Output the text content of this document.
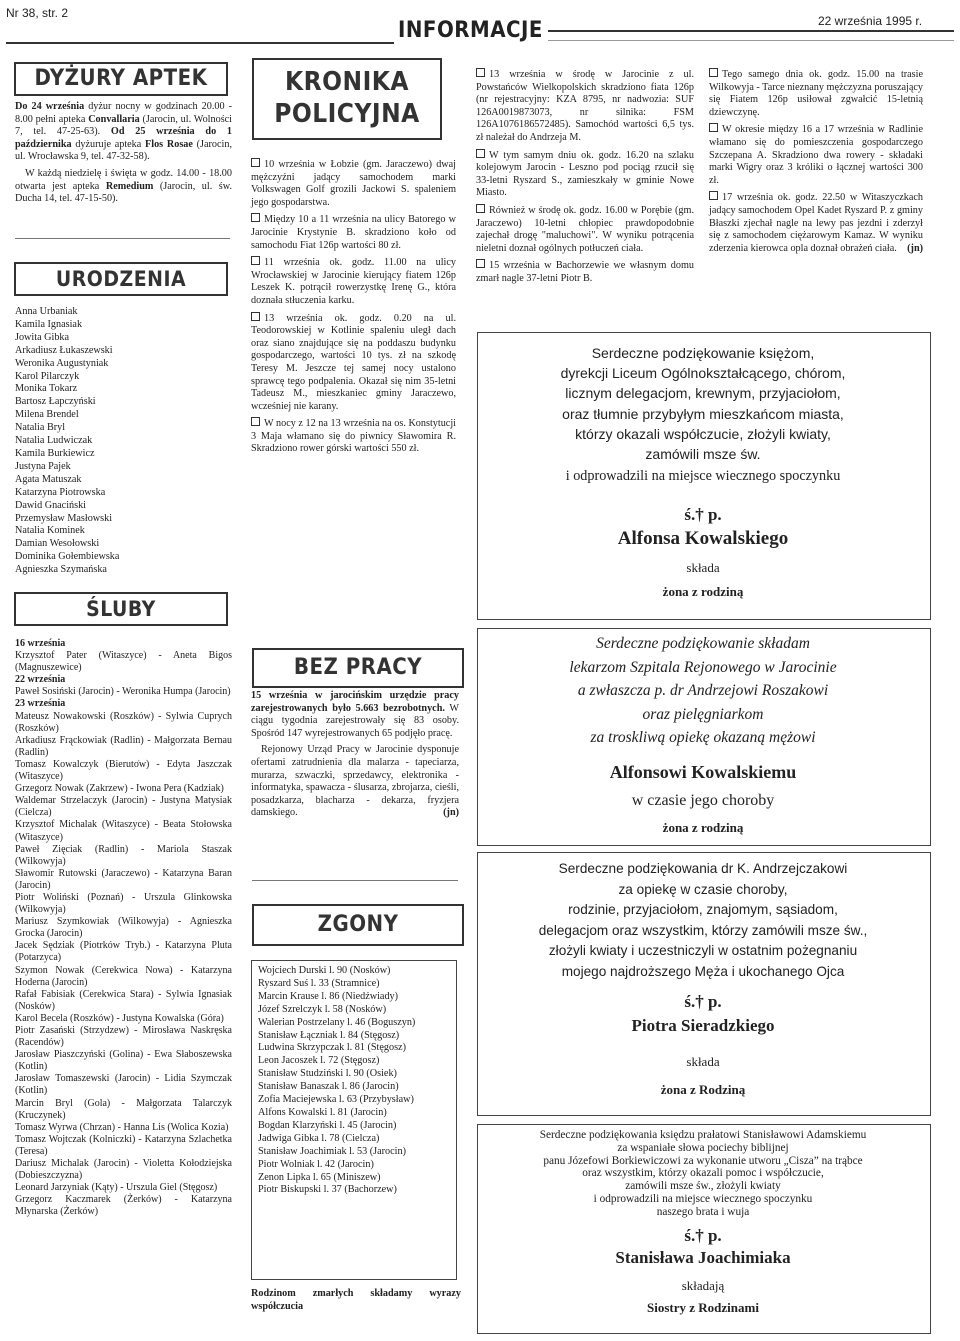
Nr 38, str. 2
INFORMACJE	22 września 1995 r.
DYŻURY APTEK

Do 24 września dyżur nocny w godzinach 20.00 - 8.00 pełni apteka Convallaria (Jarocin, ul. Wolności 7, tel. 47-25-63). Od 25 września do 1 października dyżuruje apteka Flos Rosae (Jarocin, ul. Wrocławska 9, tel. 47-32-58).

W każdą niedzielę i święta w godz. 14.00 - 18.00 otwarta jest apteka Remedium (Jarocin, ul. św. Ducha 14, tel. 47-15-50).

URODZENIA
Anna Urbaniak
Kamila Ignasiak
Jowita Gibka
Arkadiusz Łukaszewski
Weronika Augustyniak
Karol Pilarczyk
Monika Tokarz
Bartosz Łapczyński
Milena Brendel
Natalia Bryl
Natalia Ludwiczak
Kamila Burkiewicz
Justyna Pajek
Agata Matuszak
Katarzyna Piotrowska
Dawid Gnaciński
Przemysław Masłowski
Natalia Kominek
Damian Wesołowski
Dominika Gołembiewska
Agnieszka Szymańska
ŚLUBY
16 września
Krzysztof Pater (Witaszyce) - Aneta Bigos (Magnuszewice)
22 września
Paweł Sosiński (Jarocin) - Weronika Humpa (Jarocin)
23 września
Mateusz Nowakowski (Roszków) - Sylwia Cuprych (Roszków)
Arkadiusz Frąckowiak (Radlin) - Małgorzata Bernau (Radlin)
Tomasz Kowalczyk (Bieruto̍w) - Edyta Jaszczak (Witaszyce)
Grzegorz Nowak (Zakrzew) - Iwona Pera (Kadziak)
Waldemar Strzelaczyk (Jarocin) - Justyna Matysiak (Cielcza)
Krzysztof Michalak (Witaszyce) - Beata Stołowska (Witaszyce)
Paweł Zięciak (Radlin) - Mariola Staszak (Wilkowyja)
Sławomir Rutowski (Jaraczewo) - Katarzyna Baran (Jarocin)
Piotr Woliński (Poznań) - Urszula Glinkowska (Wilkowyja)
Mariusz Szymkowiak (Wilkowyja) - Agnieszka Grocka (Jarocin)
Jacek Sędziak (Piotrków Tryb.) - Katarzyna Pluta (Potarzyca)
Szymon Nowak (Cerekwica Nowa) - Katarzyna Hoderna (Jarocin)
Rafał Fabisiak (Cerekwica Stara) - Sylwia Ignasiak (Nosków)
Karol Becela (Roszków) - Justyna Kowalska (Góra)
Piotr Zasański (Strzydzew) - Mirosława Naskręska (Racendów)
Jarosław Piaszczyński (Golina) - Ewa Słaboszewska (Kotlin)
Jarosław Tomaszewski (Jarocin) - Lidia Szymczak (Kotlin)
Marcin Bryl (Gola) - Małgorzata Talarczyk (Kruczynek)
Tomasz Wyrwa (Chrzan) - Hanna Lis (Wolica Kozia)
Tomasz Wojtczak (Kolniczki) - Katarzyna Szlachetka (Teresa)
Dariusz Michalak (Jarocin) - Violetta Kołodziejska (Dobieszczyzna)
Leonard Jarzyniak (Kąty) - Urszula Giel (Stęgosz)
Grzegorz Kaczmarek (Żerków) - Katarzyna Młynarska (Żerków)
KRONIKA
POLICYJNA

10 września w Łobzie (gm. Jaraczewo) dwaj mężczyźni jadący samochodem marki Volkswagen Golf grozili Jackowi S. spaleniem jego gospodarstwa.

Między 10 a 11 września na ulicy Batorego w Jarocinie Krystynie B. skradziono koło od samochodu Fiat 126p wartości 80 zł.

11 września ok. godz. 11.00 na ulicy Wrocławskiej w Jarocinie kierujący fiatem 126p Leszek K. potrącił rowerzystkę Irenę G., która doznała stłuczenia karku.

13 września ok. godz. 0.20 na ul. Teodorowskiej w Kotlinie spaleniu uległ dach oraz siano znajdujące się na poddaszu budynku gospodarczego, wartości 10 tys. zł na szkodę Teresy M. Jeszcze tej samej nocy ustalono sprawcę tego podpalenia. Okazał się nim 35-letni Tadeusz M., mieszkaniec gminy Jaraczewo, wcześniej nie karany.

W nocy z 12 na 13 września na os. Konstytucji 3 Maja włamano się do piwnicy Sławomira R. Skradziono rower górski wartości 550 zł.

13 września w środę w Jarocinie z ul. Powstańców Wielkopolskich skradziono fiata 126p (nr rejestracyjny: KZA 8795, nr nadwozia: SUF 126A0019873073, nr silnika: FSM 126A1076186572485). Samochód wartości 6,5 tys. zł należał do Andrzeja M.

W tym samym dniu ok. godz. 16.20 na szlaku kolejowym Jarocin - Leszno pod pociąg rzucił się 33-letni Ryszard S., zamieszkały w gminie Nowe Miasto.

Również w środę ok. godz. 16.00 w Porębie (gm. Jaraczewo) 10-letni chłopiec prawdopodobnie zajechał drogę "maluchowi". W wyniku potrącenia nieletni doznał ogólnych potłuczeń ciała.

15 września w Bachorzewie we własnym domu zmarł nagle 37-letni Piotr B.

Tego samego dnia ok. godz. 15.00 na trasie Wilkowyja - Tarce nieznany mężczyzna poruszający się Fiatem 126p usiłował zgwałcić 15-letnią dziewczynę.

W okresie między 16 a 17 września w Radlinie włamano się do pomieszczenia gospodarczego Szczepana A. Skradziono dwa rowery - składaki marki Wigry oraz 3 króliki o łącznej wartości 300 zł.

17 września ok. godz. 22.50 w Witaszyczkach jadący samochodem Opel Kadet Ryszard P. z gminy Błaszki zjechał nagle na lewy pas jezdni i zderzył się z samochodem ciężarowym Kamaz. W wyniku zderzenia kierowca opla doznał obrażeń ciała. (jn)

BEZ PRACY

15 września w jarocińskim urzędzie pracy zarejestrowanych było 5.663 bezrobotnych. W ciągu tygodnia zarejestrowały się 83 osoby. Spośród 147 wyrejestrowanych 65 podjęło pracę.

Rejonowy Urząd Pracy w Jarocinie dysponuje ofertami zatrudnienia dla malarza - tapeciarza, murarza, szwaczki, sprzedawcy, elektronika - informatyka, spawacza - ślusarza, zbrojarza, cieśli, posadzkarza, blacharza - dekarza, fryzjera damskiego.	(jn)

ZGONY
Wojciech Durski l. 90 (Nosków)
Ryszard Suś l. 33 (Stramnice)
Marcin Krause l. 86 (Niedźwiady)
Józef Szrelczyk l. 58 (Nosków)
Walerian Postrzelany l. 46 (Boguszyn)
Stanisław Łączniak l. 84 (Stęgosz)
Ludwina Skrzypczak l. 81 (Stęgosz)
Leon Jacoszek l. 72 (Stęgosz)
Stanisław Studziński l. 90 (Osiek)
Stanisław Banaszak l. 86 (Jarocin)
Zofia Maciejewska l. 63 (Przybysław)
Alfons Kowalski l. 81 (Jarocin)
Bogdan Klarzyński l. 45 (Jarocin)
Jadwiga Gibka l. 78 (Cielcza)
Stanisław Joachimiak l. 53 (Jarocin)
Piotr Wolniak l. 42 (Jarocin)
Zenon Lipka l. 65 (Miniszew)
Piotr Biskupski l. 37 (Bachorzew)
Rodzinom zmarłych składamy wyrazy współczucia
Serdeczne podziękowanie księżom,
dyrekcji Liceum Ogólnokształcącego, chórom,
licznym delegacjom, krewnym, przyjaciołom,
oraz tłumnie przybyłym mieszkańcom miasta,
którzy okazali współczucie, złożyli kwiaty,
zamówili msze św.
i odprowadzili na miejsce wiecznego spoczynku
ś.† p.
Alfonsa Kowalskiego
składa
żona z rodziną
Serdeczne podziękowanie składam
lekarzom Szpitala Rejonowego w Jarocinie
a zwłaszcza p. dr Andrzejowi Roszakowi
oraz pielęgniarkom
za troskliwą opiekę okazaną mężowi
Alfonsowi Kowalskiemu
w czasie jego choroby
żona z rodziną
Serdeczne podziękowania dr K. Andrzejczakowi
za opiekę w czasie choroby,
rodzinie, przyjaciołom, znajomym, sąsiadom,
delegacjom oraz wszystkim, którzy zamówili msze św.,
złożyli kwiaty i uczestniczyli w ostatnim pożegnaniu
mojego najdroższego Męża i ukochanego Ojca
ś.† p.
Piotra Sieradzkiego
składa
żona z Rodziną
Serdeczne podziękowania księdzu prałatowi Stanisławowi Adamskiemu
za wspaniałe słowa pociechy biblijnej
panu Józefowi Borkiewiczowi za wykonanie utworu „Cisza” na trąbce
oraz wszystkim, którzy okazali pomoc i współczucie,
zamówili msze św., złożyli kwiaty
i odprowadzili na miejsce wiecznego spoczynku
naszego brata i wuja
ś.† p.
Stanisława Joachimiaka
składają
Siostry z Rodzinami
